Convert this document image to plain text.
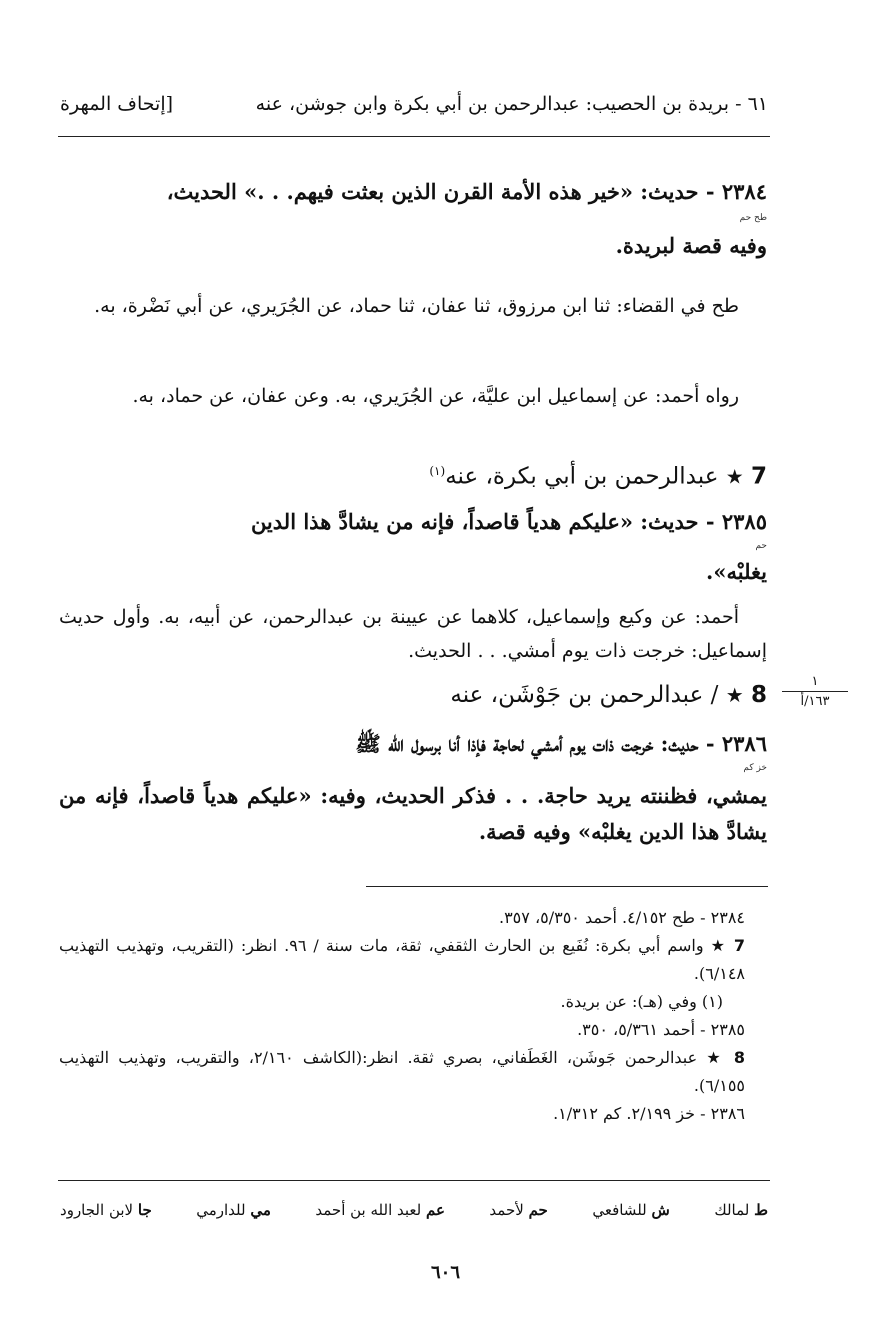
[إتحاف المهرة	٦١ - بريدة بن الحصيب: عبدالرحمن بن أبي بكرة وابن جوشن، عنه
٢٣٨٤ - حديث: «خير هذه الأمة القرن الذين بعثت فيهم. . .» الحديث،
طح حم
وفيه قصة لبريدة.
طح في القضاء: ثنا ابن مرزوق، ثنا عفان، ثنا حماد، عن الجُرَيري، عن أبي نَضْرة، به.
رواه أحمد: عن إسماعيل ابن عليَّة، عن الجُرَيري، به. وعن عفان، عن حماد، به.
7 ★ عبدالرحمن بن أبي بكرة، عنه$^{(١)}$
٢٣٨٥ - حديث: «عليكم هدياً قاصداً، فإنه من يشادَّ هذا الدين
حم
يغلبْه».
أحمد: عن وكيع وإسماعيل، كلاهما عن عيينة بن عبدالرحمن، عن أبيه، به. وأول حديث إسماعيل: خرجت ذات يوم أمشي. . . الحديث.
١
١٦٣/أ
8 ★ / عبدالرحمن بن جَوْشَن، عنه
٢٣٨٦ - حديث: خرجت ذات يوم أمشي لحاجة فإذا أنا برسول الله ﷺ
خز كم
يمشي، فظننته يريد حاجة. . . فذكر الحديث، وفيه: «عليكم هدياً قاصداً، فإنه من يشادَّ هذا الدين يغلبْه» وفيه قصة.
٢٣٨٤ - طح ٤/١٥٢. أحمد ٥/٣٥٠، ٣٥٧.
7 ★ واسم أبي بكرة: نُفَيع بن الحارث الثقفي، ثقة، مات سنة / ٩٦. انظر: (التقريب، وتهذيب التهذيب ٦/١٤٨).
(١) وفي (هـ): عن بريدة.
٢٣٨٥ - أحمد ٥/٣٦١، ٣٥٠.
8 ★ عبدالرحمن جَوشَن، الغَطَفاني، بصري ثقة. انظر:(الكاشف ٢/١٦٠، والتقريب، وتهذيب التهذيب ٦/١٥٥).
٢٣٨٦ - خز ٢/١٩٩. كم ١/٣١٢.
ط لمالك
ش للشافعي
حم لأحمد
عم لعبد الله بن أحمد
مي للدارمي
جا لابن الجارود
٦٠٦
